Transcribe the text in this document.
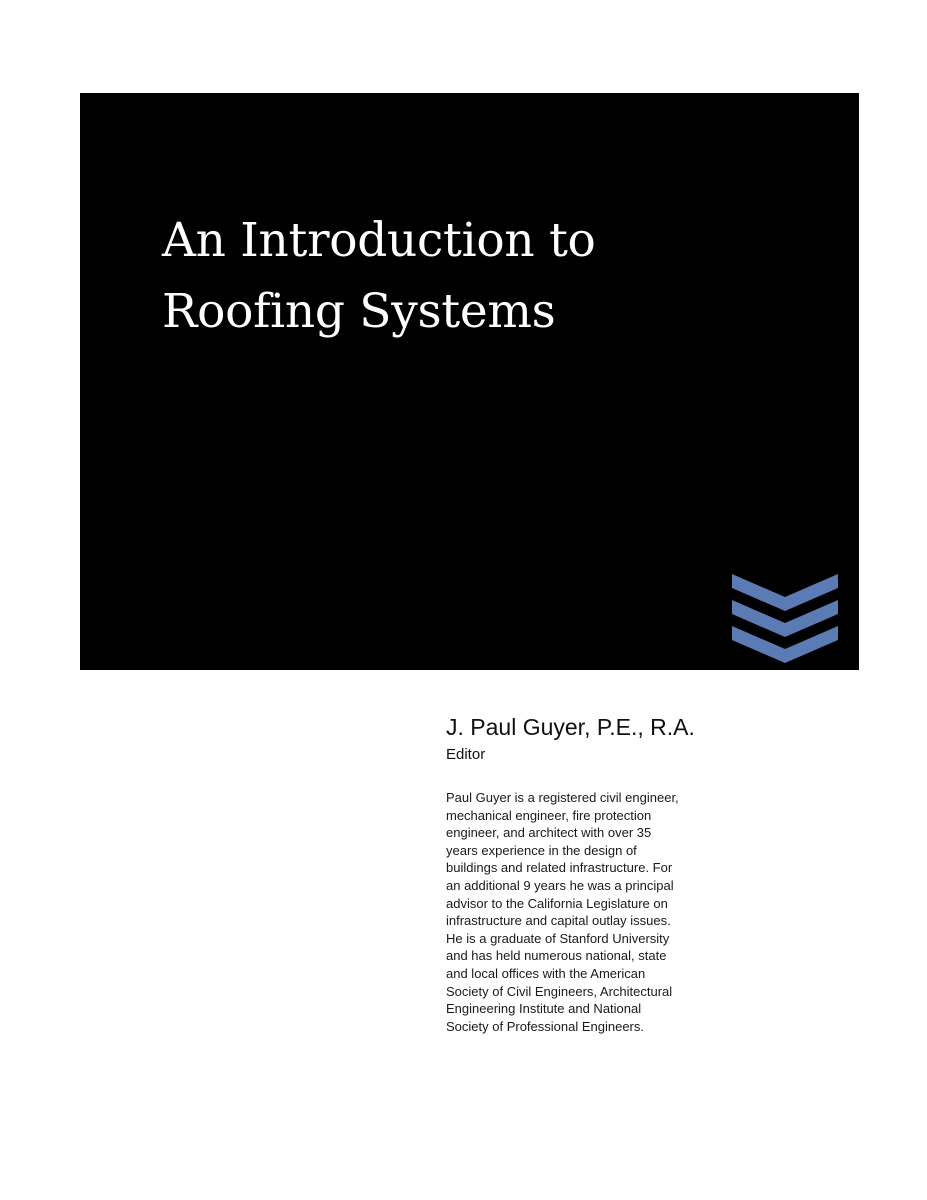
An Introduction to
Roofing Systems

J. Paul Guyer, P.E., R.A.

Editor

Paul Guyer is a registered civil engineer,
mechanical engineer, fire protection
engineer, and architect with over 35
years experience in the design of
buildings and related infrastructure. For
an additional 9 years he was a principal
advisor to the California Legislature on
infrastructure and capital outlay issues.
He is a graduate of Stanford University
and has held numerous national, state
and local offices with the American
Society of Civil Engineers, Architectural
Engineering Institute and National
Society of Professional Engineers.
